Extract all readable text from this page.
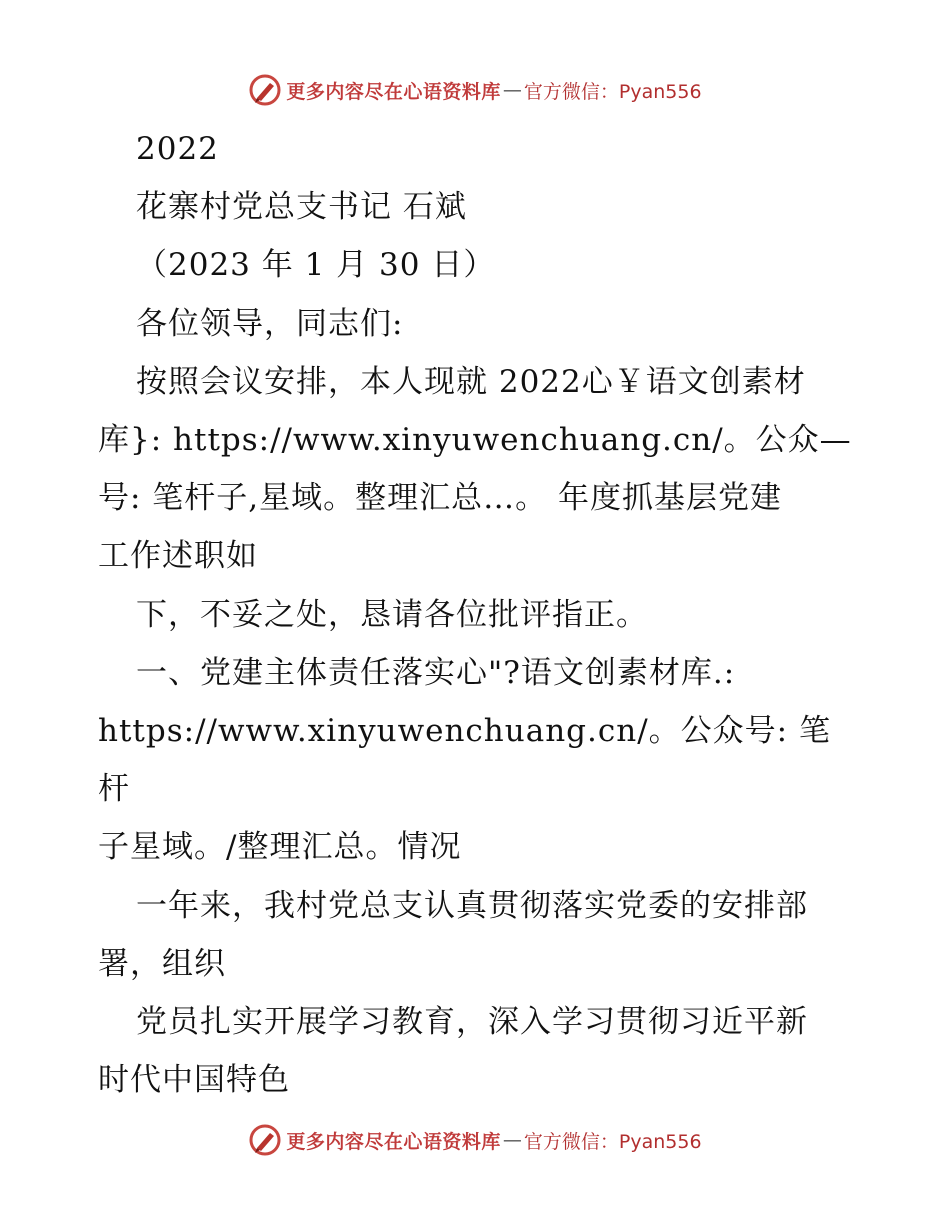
更多内容尽在心语资料库 — 官方微信：Pyan556

2022

花寨村党总支书记 石斌

（2023 年 1 月 30 日）

各位领导，同志们:

按照会议安排，本人现就 2022心￥语文创素材

库}: https://www.xinyuwenchuang.cn/。公众—

号: 笔杆子,星域。整理汇总…。 年度抓基层党建

工作述职如

下，不妥之处，恳请各位批评指正。

一、党建主体责任落实心"?语文创素材库.:

https://www.xinyuwenchuang.cn/。公众号: 笔杆

子星域。/整理汇总。情况

一年来，我村党总支认真贯彻落实党委的安排部

署，组织

党员扎实开展学习教育，深入学习贯彻习近平新

时代中国特色

更多内容尽在心语资料库 — 官方微信：Pyan556
